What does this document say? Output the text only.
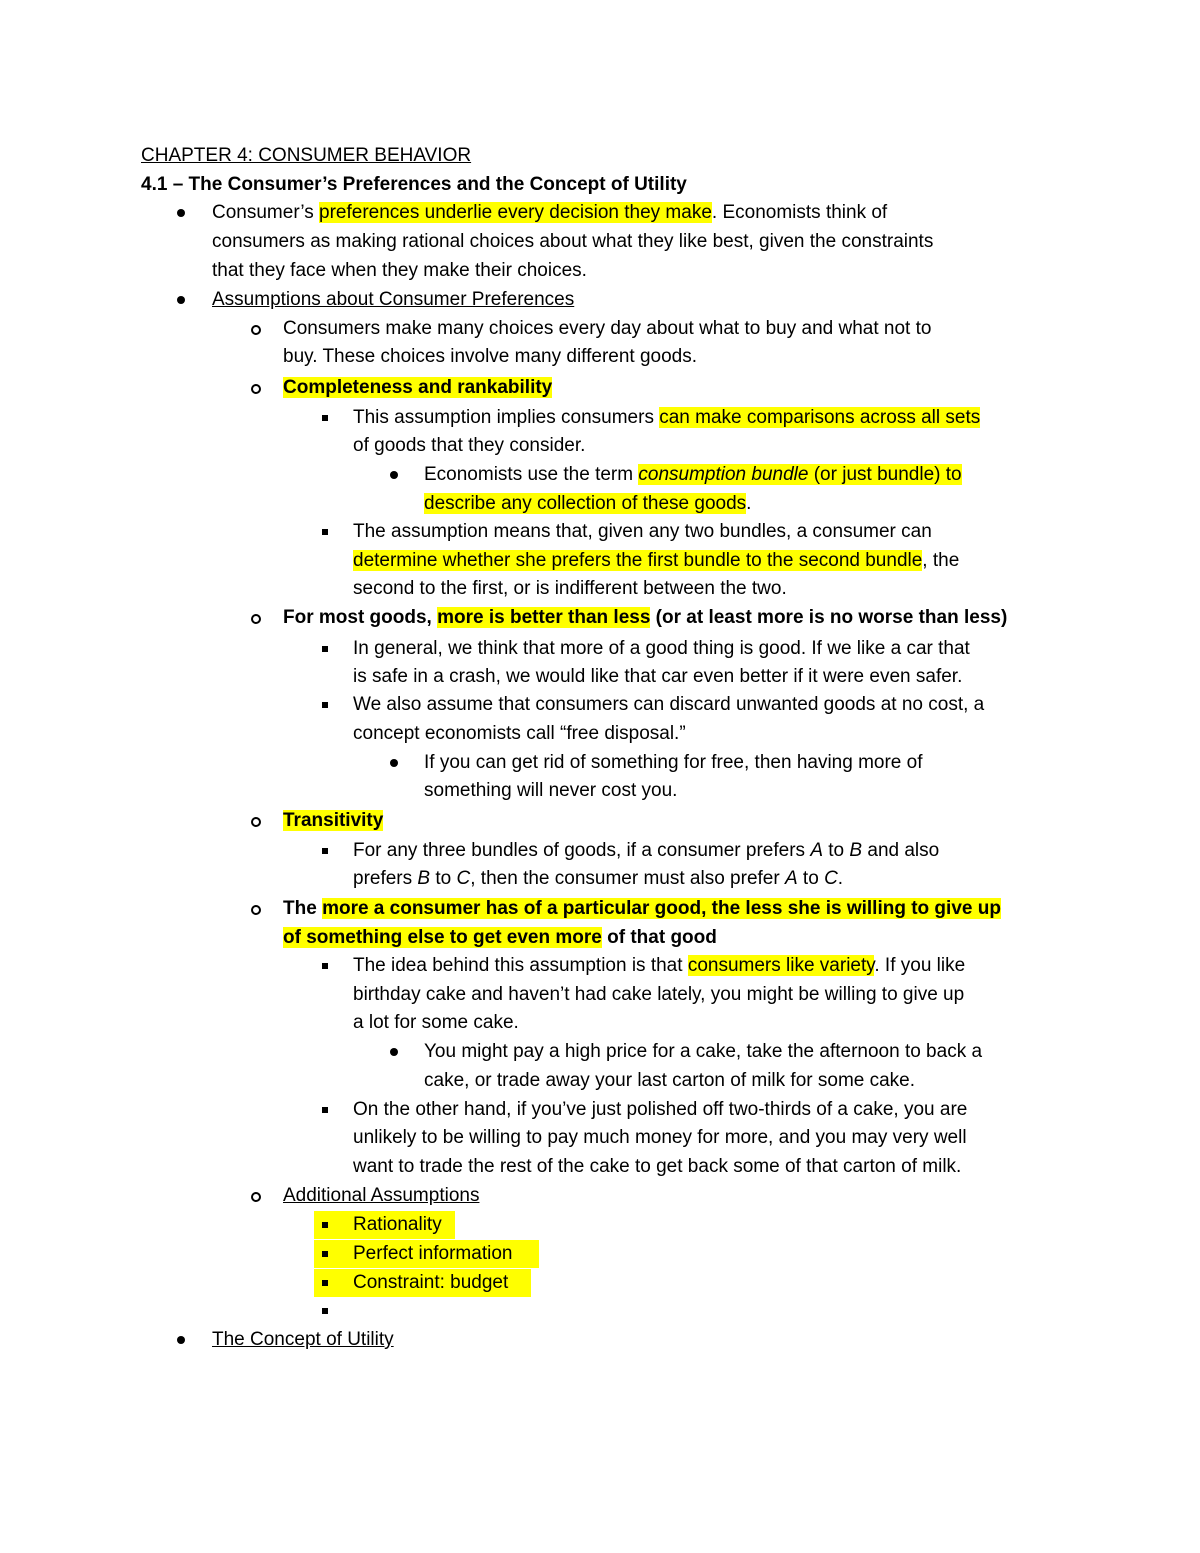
CHAPTER 4: CONSUMER BEHAVIOR
4.1 – The Consumer’s Preferences and the Concept of Utility
Consumer’s preferences underlie every decision they make. Economists think of
consumers as making rational choices about what they like best, given the constraints
that they face when they make their choices.
Assumptions about Consumer Preferences
Consumers make many choices every day about what to buy and what not to
buy. These choices involve many different goods.
Completeness and rankability
This assumption implies consumers can make comparisons across all sets
of goods that they consider.
Economists use the term consumption bundle (or just bundle) to
describe any collection of these goods.
The assumption means that, given any two bundles, a consumer can
determine whether she prefers the first bundle to the second bundle, the
second to the first, or is indifferent between the two.
For most goods, more is better than less (or at least more is no worse than less)
In general, we think that more of a good thing is good. If we like a car that
is safe in a crash, we would like that car even better if it were even safer.
We also assume that consumers can discard unwanted goods at no cost, a
concept economists call “free disposal.”
If you can get rid of something for free, then having more of
something will never cost you.
Transitivity
For any three bundles of goods, if a consumer prefers A to B and also
prefers B to C, then the consumer must also prefer A to C.
The more a consumer has of a particular good, the less she is willing to give up
of something else to get even more of that good
The idea behind this assumption is that consumers like variety. If you like
birthday cake and haven’t had cake lately, you might be willing to give up
a lot for some cake.
You might pay a high price for a cake, take the afternoon to back a
cake, or trade away your last carton of milk for some cake.
On the other hand, if you’ve just polished off two-thirds of a cake, you are
unlikely to be willing to pay much money for more, and you may very well
want to trade the rest of the cake to get back some of that carton of milk.
Additional Assumptions
Rationality
Perfect information
Constraint: budget
The Concept of Utility
